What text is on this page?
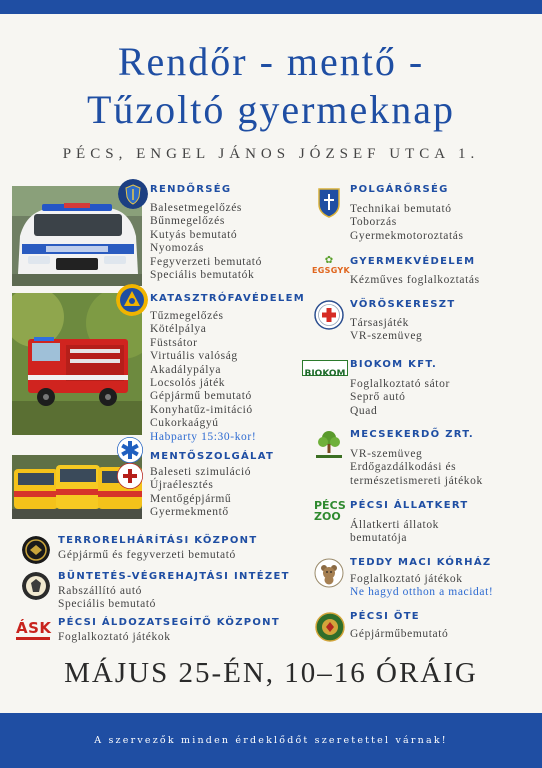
Rendőr - mentő -
Tűzoltó gyermeknap
PÉCS, ENGEL JÁNOS JÓZSEF UTCA 1.
RENDŐRSÉG
Balesetmegelőzés
Bűnmegelőzés
Kutyás bemutató
Nyomozás
Fegyverzeti bemutató
Speciális bemutatók
KATASZTRÓFAVÉDELEM
Tűzmegelőzés
Kötélpálya
Füstsátor
Virtuális valóság
Akadálypálya
Locsolós játék
Gépjármű bemutató
Konyhatűz-imitáció
Cukorkaágyú
Habparty 15:30-kor!
MENTŐSZOLGÁLAT
Baleseti szimuláció
Újraélesztés
Mentőgépjármű
Gyermekmentő
TERRORELHÁRÍTÁSI KÖZPONT
Gépjármű és fegyverzeti bemutató
BÜNTETÉS-VÉGREHAJTÁSI INTÉZET
Rabszállító autó
Speciális bemutató
ÁSK PÉCSI ÁLDOZATSEGÍTŐ KÖZPONT
Foglalkoztató játékok
POLGÁRŐRSÉG
Technikai bemutató
Toborzás
Gyermekmotoroztatás
✿
EGSGYK
GYERMEKVÉDELEM
Kézműves foglalkoztatás
VÖRÖSKERESZT
Társasjáték
VR-szemüveg
BIOKOM
BIOKOM KFT.
Foglalkoztató sátor
Seprő autó
Quad
MECSEKERDŐ ZRT.
VR-szemüveg
Erdőgazdálkodási és
természetismereti játékok
PÉCS ZOO
PÉCSI ÁLLATKERT
Állatkerti állatok
bemutatója
TEDDY MACI KÓRHÁZ
Foglalkoztató játékok
Ne hagyd otthon a macidat!
PÉCSI ÖTE
Gépjárműbemutató
MÁJUS 25-ÉN, 10–16 ÓRÁIG
A szervezők minden érdeklődőt szeretettel várnak!
